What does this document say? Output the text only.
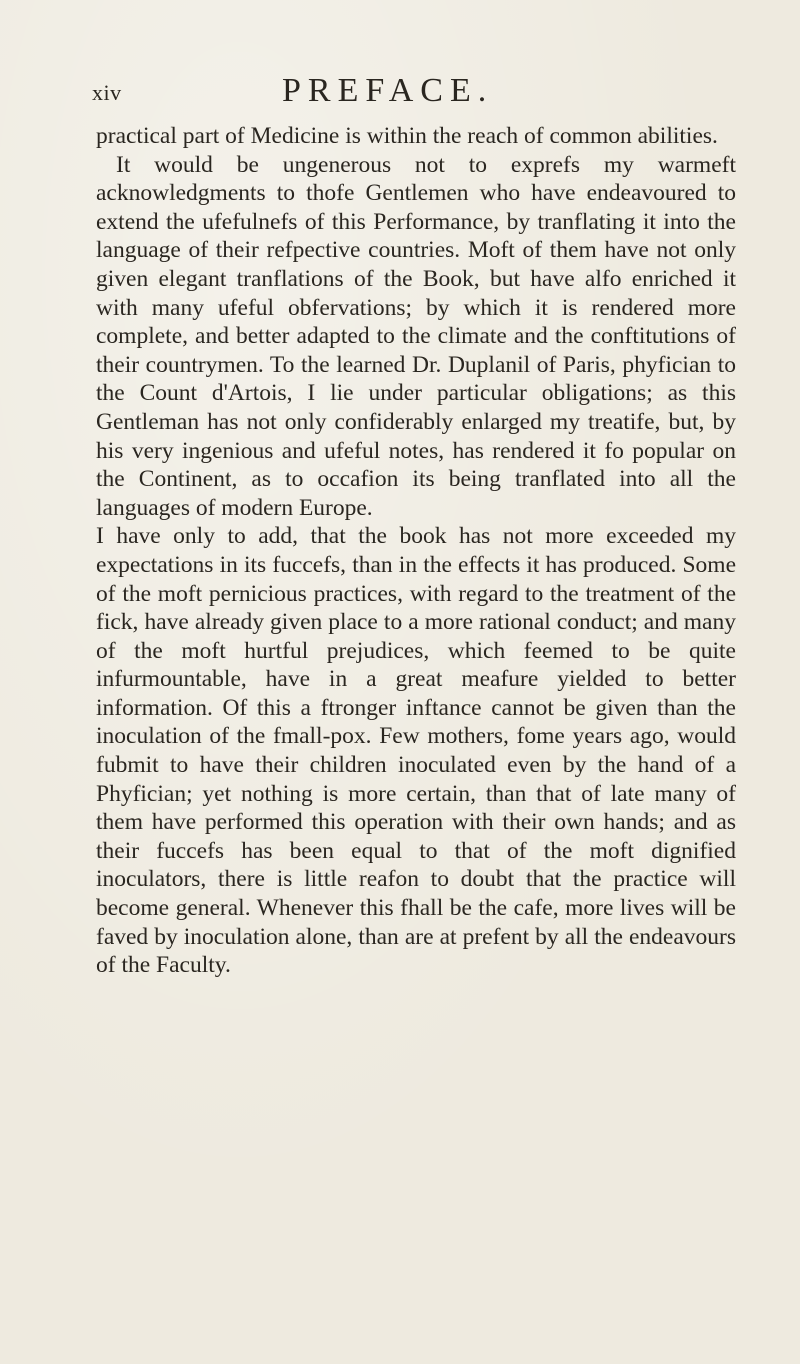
xiv	PREFACE.

practical part of Medicine is within the reach of common abilities.

It would be ungenerous not to exprefs my warmeft acknowledgments to thofe Gentlemen who have endeavoured to extend the ufefulnefs of this Performance, by tranflating it into the language of their refpective countries. Moft of them have not only given elegant tranflations of the Book, but have alfo enriched it with many ufeful obfervations; by which it is rendered more complete, and better adapted to the climate and the conftitutions of their countrymen. To the learned Dr. Duplanil of Paris, phyfician to the Count d'Artois, I lie under particular obligations; as this Gentleman has not only confiderably enlarged my treatife, but, by his very ingenious and ufeful notes, has rendered it fo popular on the Continent, as to occafion its being tranflated into all the languages of modern Europe.

I have only to add, that the book has not more exceeded my expectations in its fuccefs, than in the effects it has produced. Some of the moft pernicious practices, with regard to the treatment of the fick, have already given place to a more rational conduct; and many of the moft hurtful prejudices, which feemed to be quite infurmountable, have in a great meafure yielded to better information. Of this a ftronger inftance cannot be given than the inoculation of the fmall-pox. Few mothers, fome years ago, would fubmit to have their children inoculated even by the hand of a Phyfician; yet nothing is more certain, than that of late many of them have performed this operation with their own hands; and as their fuccefs has been equal to that of the moft dignified inoculators, there is little reafon to doubt that the practice will become general. Whenever this fhall be the cafe, more lives will be faved by inoculation alone, than are at prefent by all the endeavours of the Faculty.
